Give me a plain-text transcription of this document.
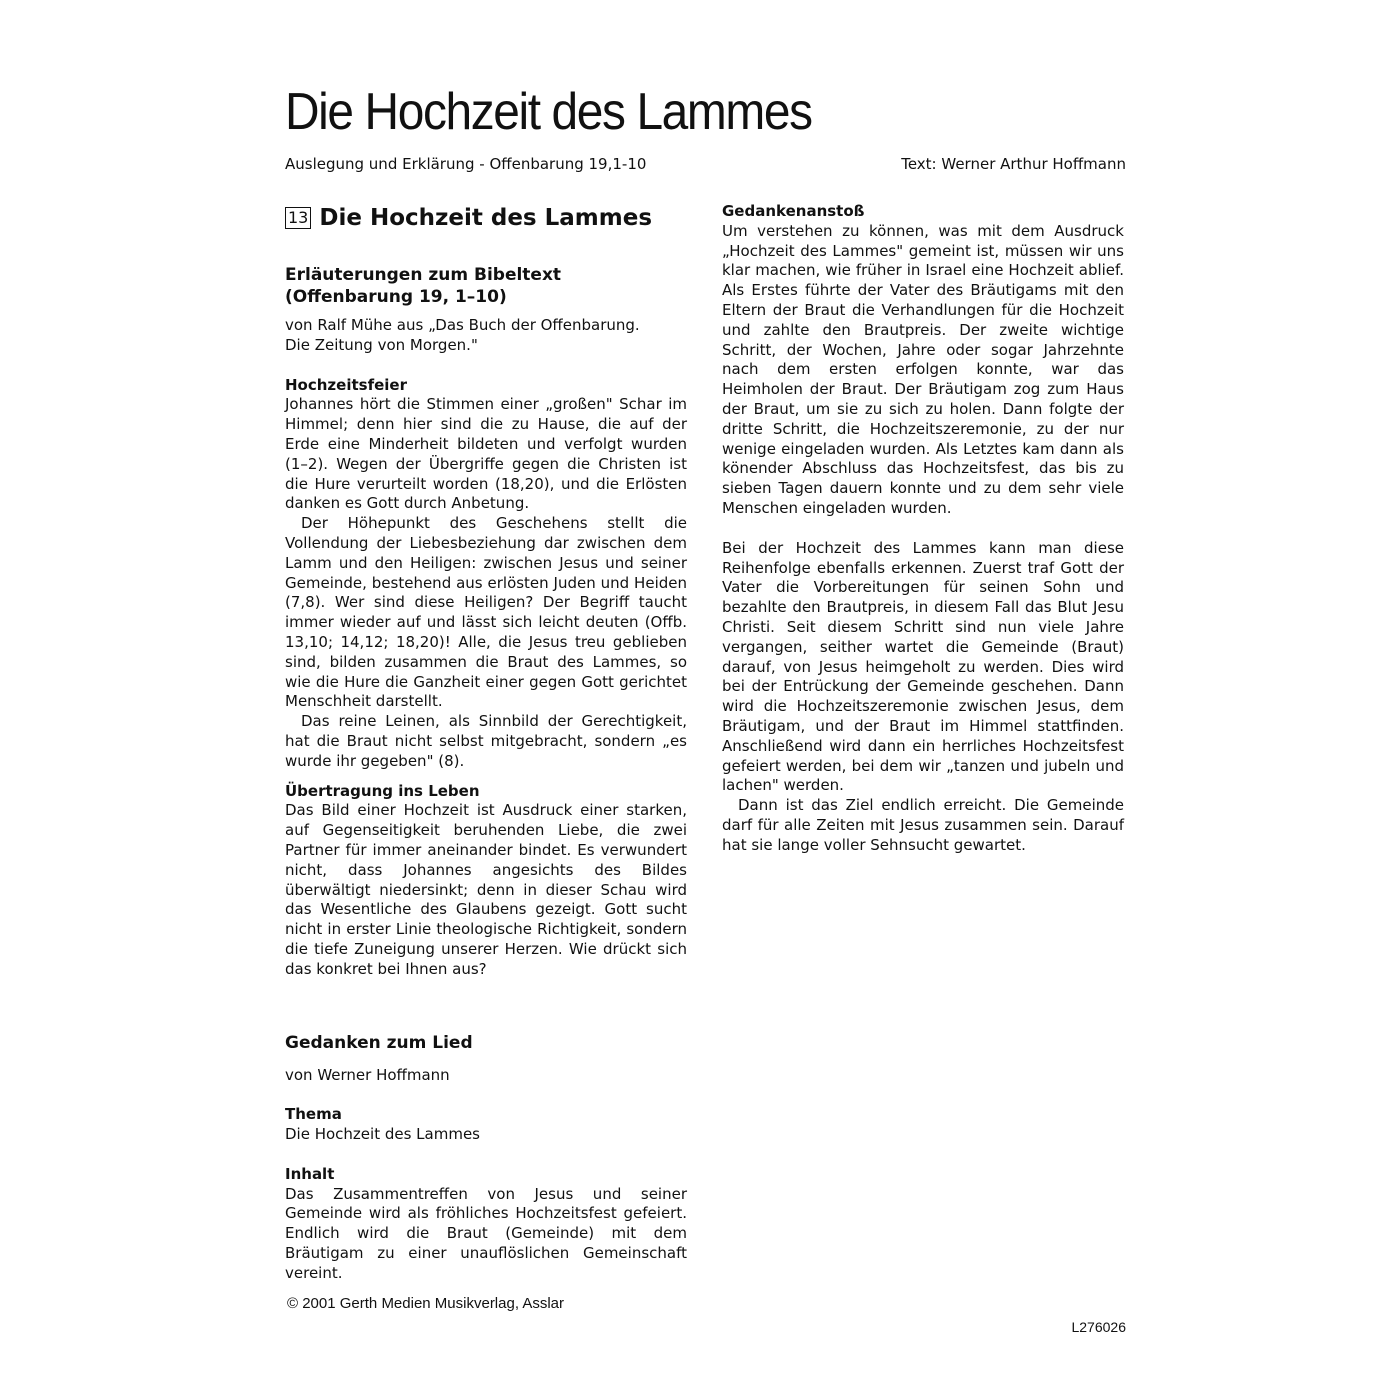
Die Hochzeit des Lammes
Auslegung und Erklärung - Offenbarung 19,1-10	Text: Werner Arthur Hoffmann
13 Die Hochzeit des Lammes
Erläuterungen zum Bibeltext
(Offenbarung 19, 1–10)
von Ralf Mühe aus „Das Buch der Offenbarung.
Die Zeitung von Morgen."
Hochzeitsfeier

Johannes hört die Stimmen einer „großen" Schar im Himmel; denn hier sind die zu Hause, die auf der Erde eine Minderheit bildeten und verfolgt wurden (1–2). Wegen der Übergriffe gegen die Christen ist die Hure verurteilt worden (18,20), und die Erlösten danken es Gott durch Anbetung.

Der Höhepunkt des Geschehens stellt die Vollendung der Liebesbeziehung dar zwischen dem Lamm und den Heiligen: zwischen Jesus und seiner Gemeinde, bestehend aus erlösten Juden und Heiden (7,8). Wer sind diese Heiligen? Der Begriff taucht immer wieder auf und lässt sich leicht deuten (Offb. 13,10; 14,12; 18,20)! Alle, die Jesus treu geblieben sind, bilden zusammen die Braut des Lammes, so wie die Hure die Ganzheit einer gegen Gott gerichtet Menschheit darstellt.

Das reine Leinen, als Sinnbild der Gerechtigkeit, hat die Braut nicht selbst mitgebracht, sondern „es wurde ihr gegeben" (8).

Übertragung ins Leben

Das Bild einer Hochzeit ist Ausdruck einer starken, auf Gegenseitigkeit beruhenden Liebe, die zwei Partner für immer aneinander bindet. Es verwundert nicht, dass Johannes angesichts des Bildes überwältigt niedersinkt; denn in dieser Schau wird das Wesentliche des Glaubens gezeigt. Gott sucht nicht in erster Linie theologische Richtigkeit, sondern die tiefe Zuneigung unserer Herzen. Wie drückt sich das konkret bei Ihnen aus?

Gedanken zum Lied
von Werner Hoffmann
Thema
Die Hochzeit des Lammes
Inhalt

Das Zusammentreffen von Jesus und seiner Gemeinde wird als fröhliches Hochzeitsfest gefeiert. Endlich wird die Braut (Gemeinde) mit dem Bräutigam zu einer unauflöslichen Gemeinschaft vereint.

Gedankenanstoß

Um verstehen zu können, was mit dem Ausdruck „Hochzeit des Lammes" gemeint ist, müssen wir uns klar machen, wie früher in Israel eine Hochzeit ablief. Als Erstes führte der Vater des Bräutigams mit den Eltern der Braut die Verhandlungen für die Hochzeit und zahlte den Brautpreis. Der zweite wichtige Schritt, der Wochen, Jahre oder sogar Jahrzehnte nach dem ersten erfolgen konnte, war das Heimholen der Braut. Der Bräutigam zog zum Haus der Braut, um sie zu sich zu holen. Dann folgte der dritte Schritt, die Hochzeitszeremonie, zu der nur wenige eingeladen wurden. Als Letztes kam dann als könender Abschluss das Hochzeitsfest, das bis zu sieben Tagen dauern konnte und zu dem sehr viele Menschen eingeladen wurden.

Bei der Hochzeit des Lammes kann man diese Reihenfolge ebenfalls erkennen. Zuerst traf Gott der Vater die Vorbereitungen für seinen Sohn und bezahlte den Brautpreis, in diesem Fall das Blut Jesu Christi. Seit diesem Schritt sind nun viele Jahre vergangen, seither wartet die Gemeinde (Braut) darauf, von Jesus heimgeholt zu werden. Dies wird bei der Entrückung der Gemeinde geschehen. Dann wird die Hochzeitszeremonie zwischen Jesus, dem Bräutigam, und der Braut im Himmel stattfinden. Anschließend wird dann ein herrliches Hochzeitsfest gefeiert werden, bei dem wir „tanzen und jubeln und lachen" werden.

Dann ist das Ziel endlich erreicht. Die Gemeinde darf für alle Zeiten mit Jesus zusammen sein. Darauf hat sie lange voller Sehnsucht gewartet.

© 2001 Gerth Medien Musikverlag, Asslar
L276026
